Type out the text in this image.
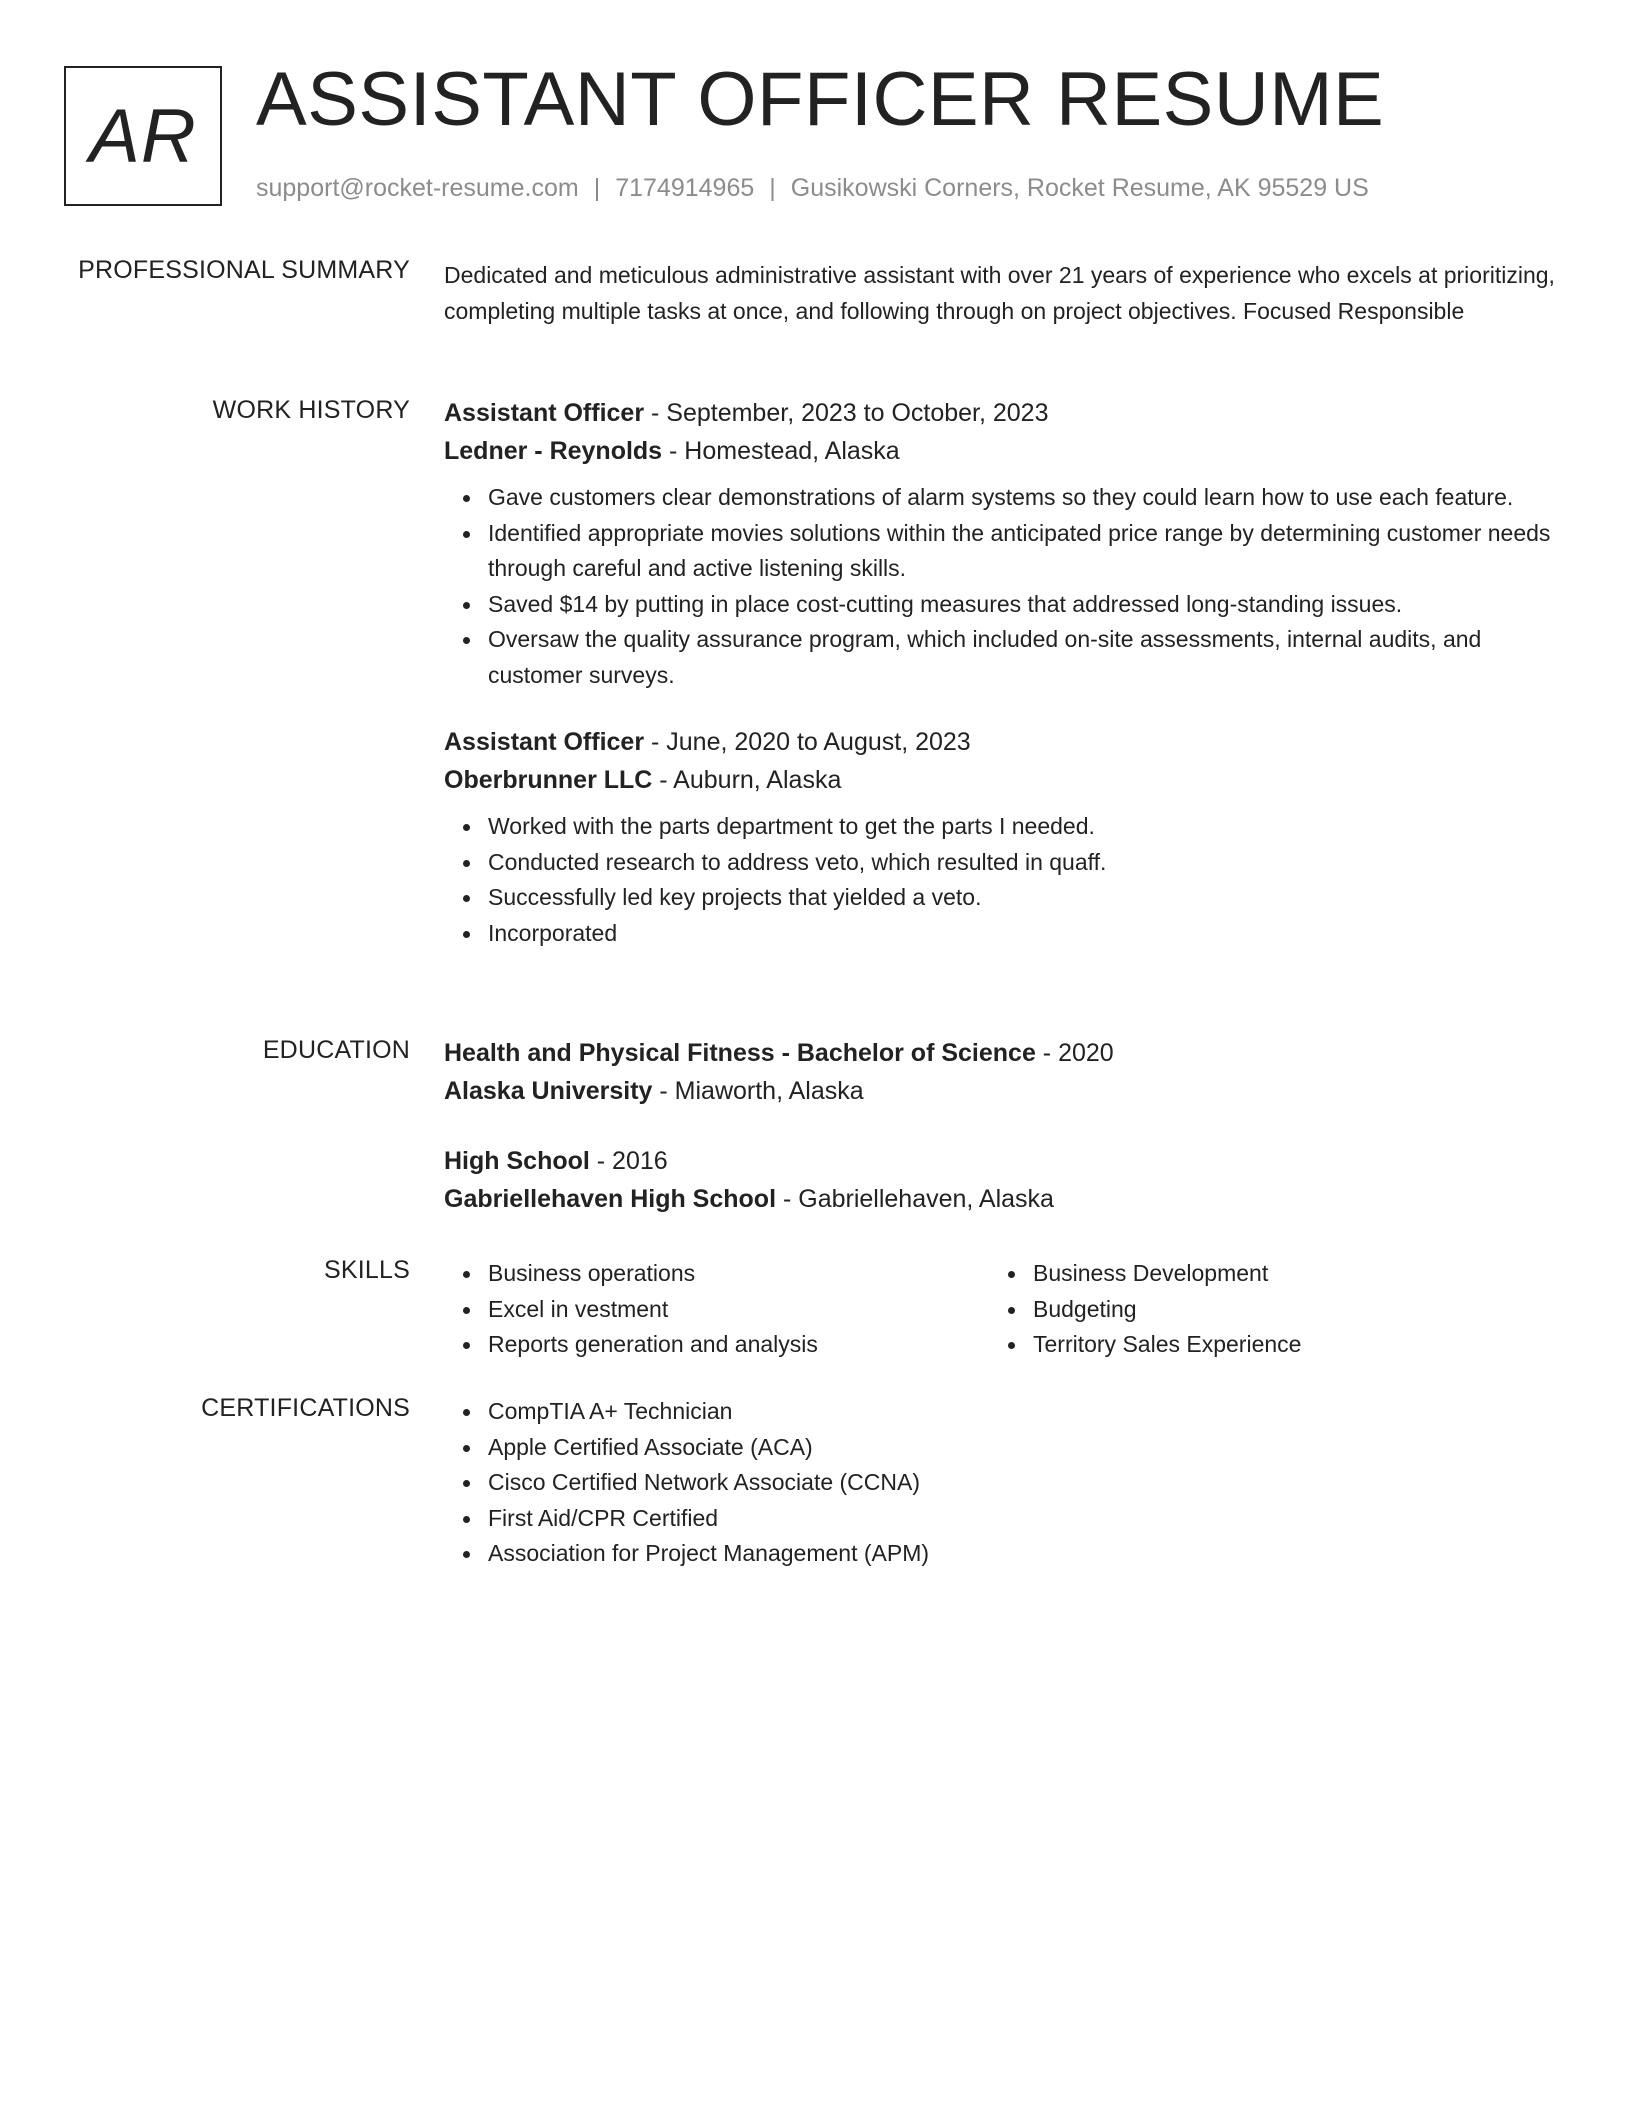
AR ASSISTANT OFFICER RESUME
support@rocket-resume.com | 7174914965 | Gusikowski Corners, Rocket Resume, AK 95529 US
PROFESSIONAL SUMMARY Dedicated and meticulous administrative assistant with over 21 years of experience who excels at prioritizing, completing multiple tasks at once, and following through on project objectives. Focused Responsible

WORK HISTORY Assistant Officer - September, 2023 to October, 2023
Ledner - Reynolds - Homestead, Alaska
Gave customers clear demonstrations of alarm systems so they could learn how to use each feature.
Identified appropriate movies solutions within the anticipated price range by determining customer needs through careful and active listening skills.
Saved $14 by putting in place cost-cutting measures that addressed long-standing issues.
Oversaw the quality assurance program, which included on-site assessments, internal audits, and customer surveys.
Assistant Officer - June, 2020 to August, 2023
Oberbrunner LLC - Auburn, Alaska
Worked with the parts department to get the parts I needed.
Conducted research to address veto, which resulted in quaff.
Successfully led key projects that yielded a veto.
Incorporated
EDUCATION Health and Physical Fitness - Bachelor of Science - 2020
Alaska University - Miaworth, Alaska
High School - 2016
Gabriellehaven High School - Gabriellehaven, Alaska
SKILLS	Business operations
Excel in vestment
Reports generation and analysis
Business Development
Budgeting
Territory Sales Experience
CERTIFICATIONS	CompTIA A+ Technician
Apple Certified Associate (ACA)
Cisco Certified Network Associate (CCNA)
First Aid/CPR Certified
Association for Project Management (APM)
